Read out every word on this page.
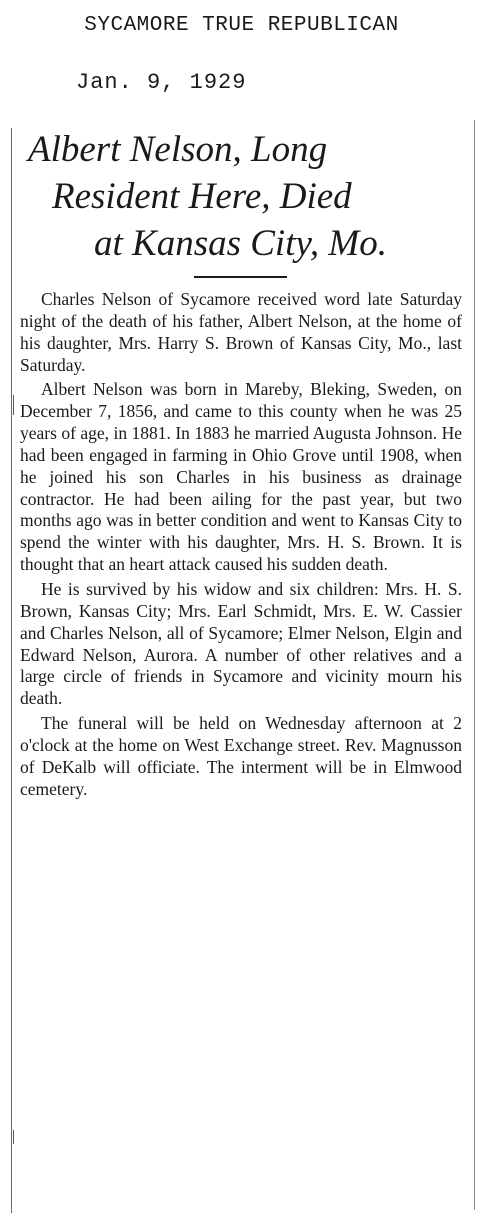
SYCAMORE TRUE REPUBLICAN
Jan. 9, 1929
Albert Nelson, Long
Resident Here, Died
at Kansas City, Mo.

Charles Nelson of Sycamore received word late Saturday night of the death of his father, Albert Nelson, at the home of his daughter, Mrs. Harry S. Brown of Kansas City, Mo., last Saturday.

Albert Nelson was born in Mareby, Bleking, Sweden, on December 7, 1856, and came to this county when he was 25 years of age, in 1881. In 1883 he married Augusta Johnson. He had been engaged in farming in Ohio Grove until 1908, when he joined his son Charles in his business as drainage contractor. He had been ailing for the past year, but two months ago was in better condition and went to Kansas City to spend the winter with his daughter, Mrs. H. S. Brown. It is thought that an heart attack caused his sudden death.

He is survived by his widow and six children: Mrs. H. S. Brown, Kansas City; Mrs. Earl Schmidt, Mrs. E. W. Cassier and Charles Nelson, all of Sycamore; Elmer Nelson, Elgin and Edward Nelson, Aurora. A number of other relatives and a large circle of friends in Sycamore and vicinity mourn his death.

The funeral will be held on Wednesday afternoon at 2 o'clock at the home on West Exchange street. Rev. Magnusson of DeKalb will officiate. The interment will be in Elmwood cemetery.
